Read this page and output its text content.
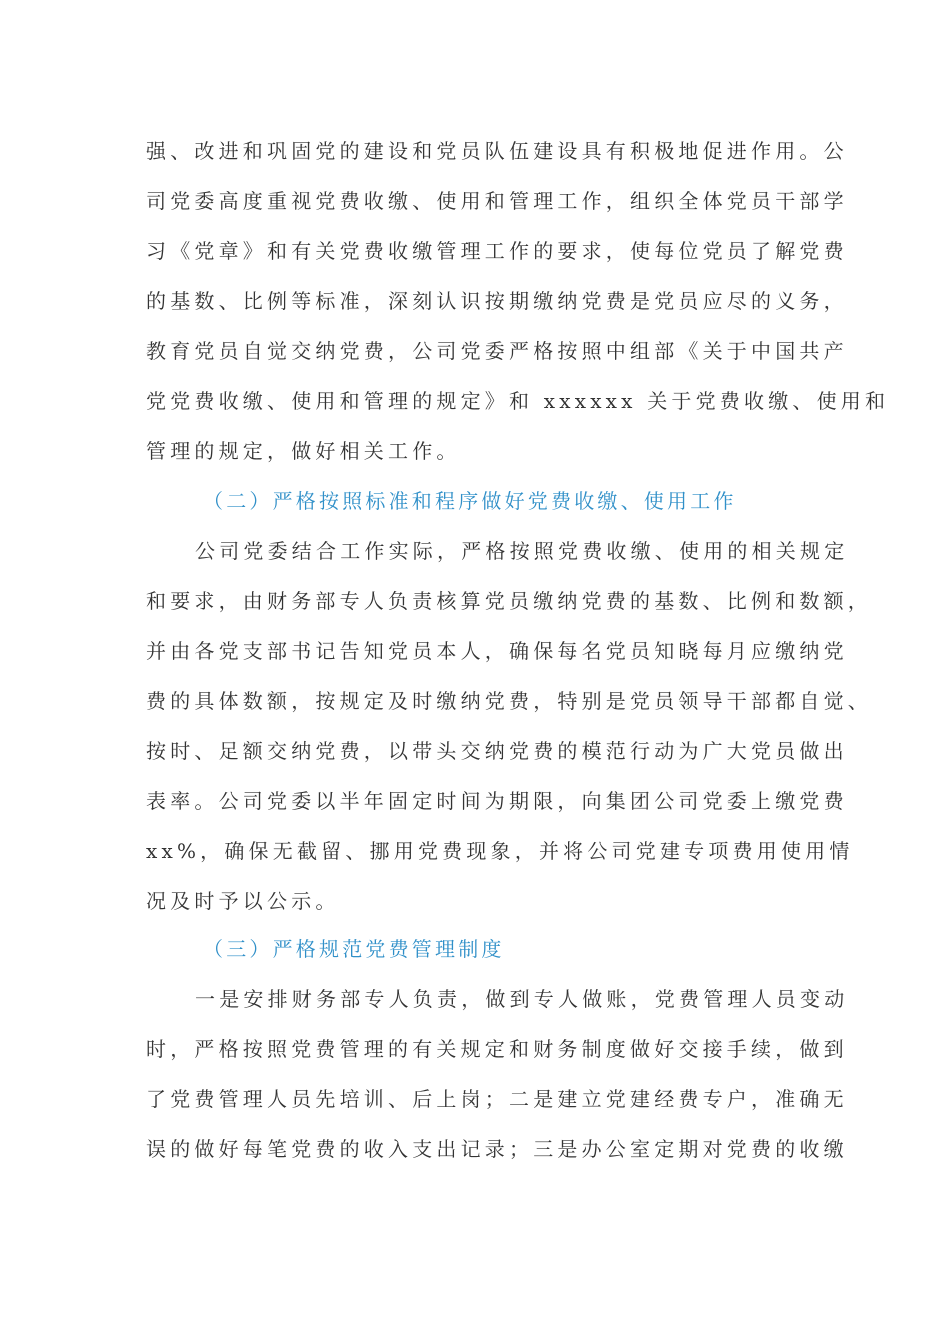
强、改进和巩固党的建设和党员队伍建设具有积极地促进作用。公
司党委高度重视党费收缴、使用和管理工作，组织全体党员干部学
习《党章》和有关党费收缴管理工作的要求，使每位党员了解党费
的基数、比例等标准，深刻认识按期缴纳党费是党员应尽的义务，
教育党员自觉交纳党费，公司党委严格按照中组部《关于中国共产
党党费收缴、使用和管理的规定》和 xxxxxx 关于党费收缴、使用和
管理的规定，做好相关工作。
（二）严格按照标准和程序做好党费收缴、使用工作
公司党委结合工作实际，严格按照党费收缴、使用的相关规定
和要求，由财务部专人负责核算党员缴纳党费的基数、比例和数额，
并由各党支部书记告知党员本人，确保每名党员知晓每月应缴纳党
费的具体数额，按规定及时缴纳党费，特别是党员领导干部都自觉、
按时、足额交纳党费，以带头交纳党费的模范行动为广大党员做出
表率。公司党委以半年固定时间为期限，向集团公司党委上缴党费
xx%，确保无截留、挪用党费现象，并将公司党建专项费用使用情
况及时予以公示。
（三）严格规范党费管理制度
一是安排财务部专人负责，做到专人做账，党费管理人员变动
时，严格按照党费管理的有关规定和财务制度做好交接手续，做到
了党费管理人员先培训、后上岗；二是建立党建经费专户，准确无
误的做好每笔党费的收入支出记录；三是办公室定期对党费的收缴
